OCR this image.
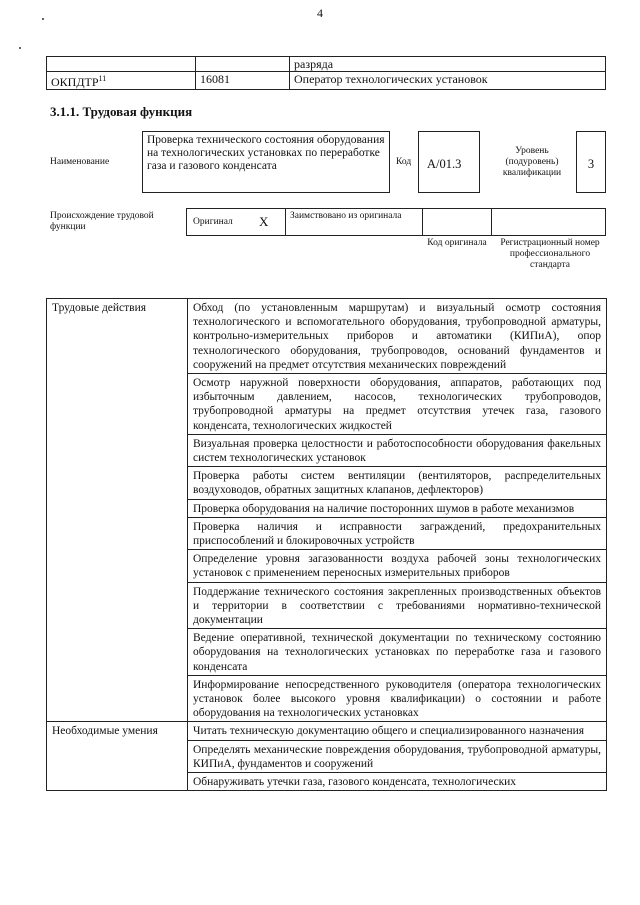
4
		разряда
ОКПДТР$^{11}$	16081	Оператор технологических установок
3.1.1. Трудовая функция
Наименование
Проверка технического состояния оборудования на технологических установках по переработке газа и газового конденсата	Код	А/01.3
Уровень (подуровень) квалификации
3
Происхождение трудовой функции	Оригинал X	Заимствовано из оригинала
Код оригинала	Регистрационный номер профессионального стандарта
Трудовые действия	Обход (по установленным маршрутам) и визуальный осмотр состояния технологического и вспомогательного оборудования, трубопроводной арматуры, контрольно-измерительных приборов и автоматики (КИПиА), опор технологического оборудования, трубопроводов, оснований фундаментов и сооружений на предмет отсутствия механических повреждений
	Осмотр наружной поверхности оборудования, аппаратов, работающих под избыточным давлением, насосов, технологических трубопроводов, трубопроводной арматуры на предмет отсутствия утечек газа, газового конденсата, технологических жидкостей
	Визуальная проверка целостности и работоспособности оборудования факельных систем технологических установок
	Проверка работы систем вентиляции (вентиляторов, распределительных воздуховодов, обратных защитных клапанов, дефлекторов)
	Проверка оборудования на наличие посторонних шумов в работе механизмов
	Проверка наличия и исправности заграждений, предохранительных приспособлений и блокировочных устройств
	Определение уровня загазованности воздуха рабочей зоны технологических установок с применением переносных измерительных приборов
	Поддержание технического состояния закрепленных производственных объектов и территории в соответствии с требованиями нормативно-технической документации
	Ведение оперативной, технической документации по техническому состоянию оборудования на технологических установках по переработке газа и газового конденсата
	Информирование непосредственного руководителя (оператора технологических установок более высокого уровня квалификации) о состоянии и работе оборудования на технологических установках
Необходимые умения	Читать техническую документацию общего и специализированного назначения
	Определять механические повреждения оборудования, трубопроводной арматуры, КИПиА, фундаментов и сооружений
	Обнаруживать утечки газа, газового конденсата, технологических
